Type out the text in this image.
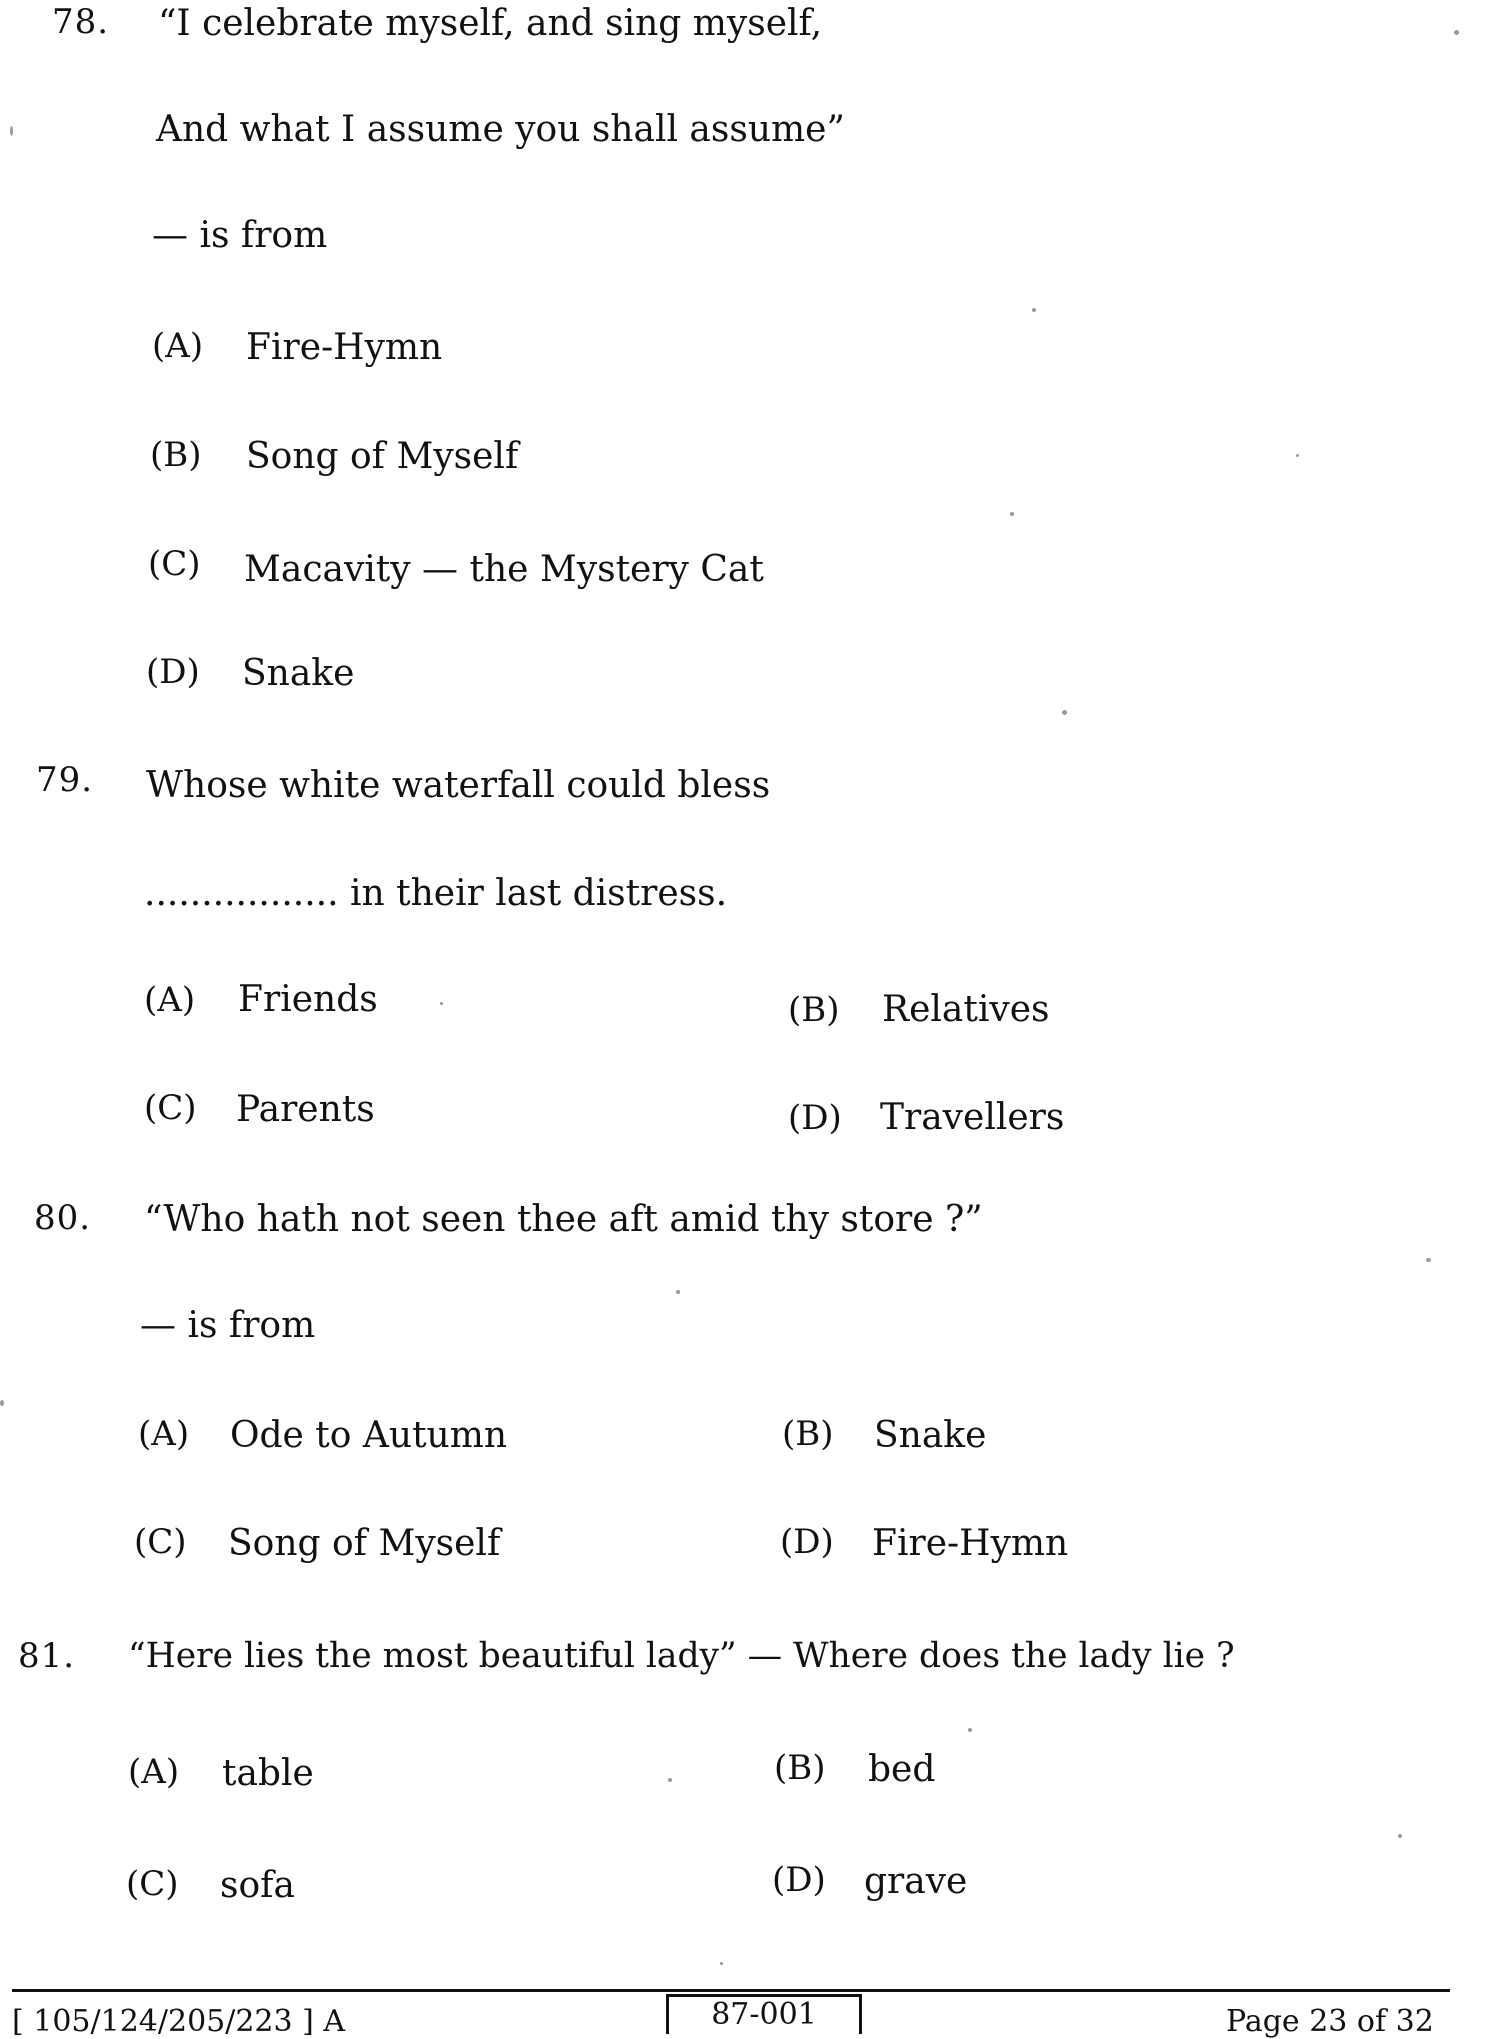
78. “I celebrate myself, and sing myself,
And what I assume you shall assume”
— is from
(A) Fire-Hymn
(B) Song of Myself
(C) Macavity — the Mystery Cat
(D) Snake
79. Whose white waterfall could bless
................. in their last distress.
(A) Friends	(B) Relatives
(C) Parents	(D) Travellers
80. “Who hath not seen thee aft amid thy store ?”
— is from
(A) Ode to Autumn	(B) Snake
(C) Song of Myself	(D) Fire-Hymn
81. “Here lies the most beautiful lady” — Where does the lady lie ?
(A) table	(B) bed
(C) sofa	(D) grave
[ 105/124/205/223 ] A	87-001	Page 23 of 32
